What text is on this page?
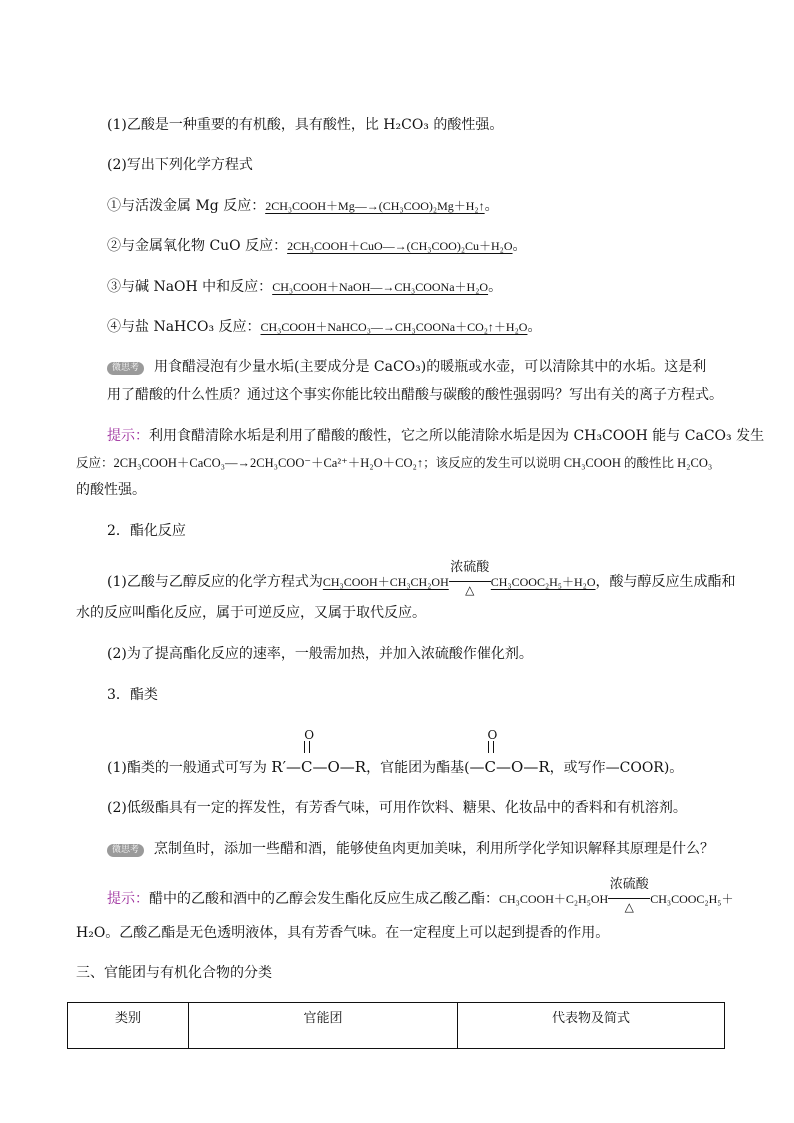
(1)乙酸是一种重要的有机酸，具有酸性，比 H₂CO₃ 的酸性强。
(2)写出下列化学方程式
①与活泼金属 Mg 反应：2CH₃COOH＋Mg―→(CH₃COO)₂Mg＋H₂↑。
②与金属氧化物 CuO 反应：2CH₃COOH＋CuO―→(CH₃COO)₂Cu＋H₂O。
③与碱 NaOH 中和反应：CH₃COOH＋NaOH―→CH₃COONa＋H₂O。
④与盐 NaHCO₃ 反应：CH₃COOH＋NaHCO₃―→CH₃COONa＋CO₂↑＋H₂O。
微思考 用食醋浸泡有少量水垢(主要成分是 CaCO₃)的暖瓶或水壶，可以清除其中的水垢。这是利
用了醋酸的什么性质？通过这个事实你能比较出醋酸与碳酸的酸性强弱吗？写出有关的离子方程式。
提示：利用食醋清除水垢是利用了醋酸的酸性，它之所以能清除水垢是因为 CH₃COOH 能与 CaCO₃ 发生
反应：2CH₃COOH＋CaCO₃―→2CH₃COO⁻＋Ca²⁺＋H₂O＋CO₂↑；该反应的发生可以说明 CH₃COOH 的酸性比 H₂CO₃
的酸性强。
2．酯化反应
(1)乙酸与乙醇反应的化学方程式为CH₃COOH＋CH₃CH₂OH
浓硫酸
△
CH₃COOC₂H₅＋H₂O，酸与醇反应生成酯和
水的反应叫酯化反应，属于可逆反应，又属于取代反应。
(2)为了提高酯化反应的速率，一般需加热，并加入浓硫酸作催化剂。
3．酯类
(1)酯类的一般通式可写为
O
R′—C—O—R，官能团为酯基(
O
—C—O—R，或写作—COOR)。
(2)低级酯具有一定的挥发性，有芳香气味，可用作饮料、糖果、化妆品中的香料和有机溶剂。
微思考 烹制鱼时，添加一些醋和酒，能够使鱼肉更加美味，利用所学化学知识解释其原理是什么？
提示：醋中的乙酸和酒中的乙醇会发生酯化反应生成乙酸乙酯：CH₃COOH＋C₂H₅OH
浓硫酸
△
CH₃COOC₂H₅＋
H₂O。乙酸乙酯是无色透明液体，具有芳香气味。在一定程度上可以起到提香的作用。
三、官能团与有机化合物的分类
类别	官能团	代表物及简式
